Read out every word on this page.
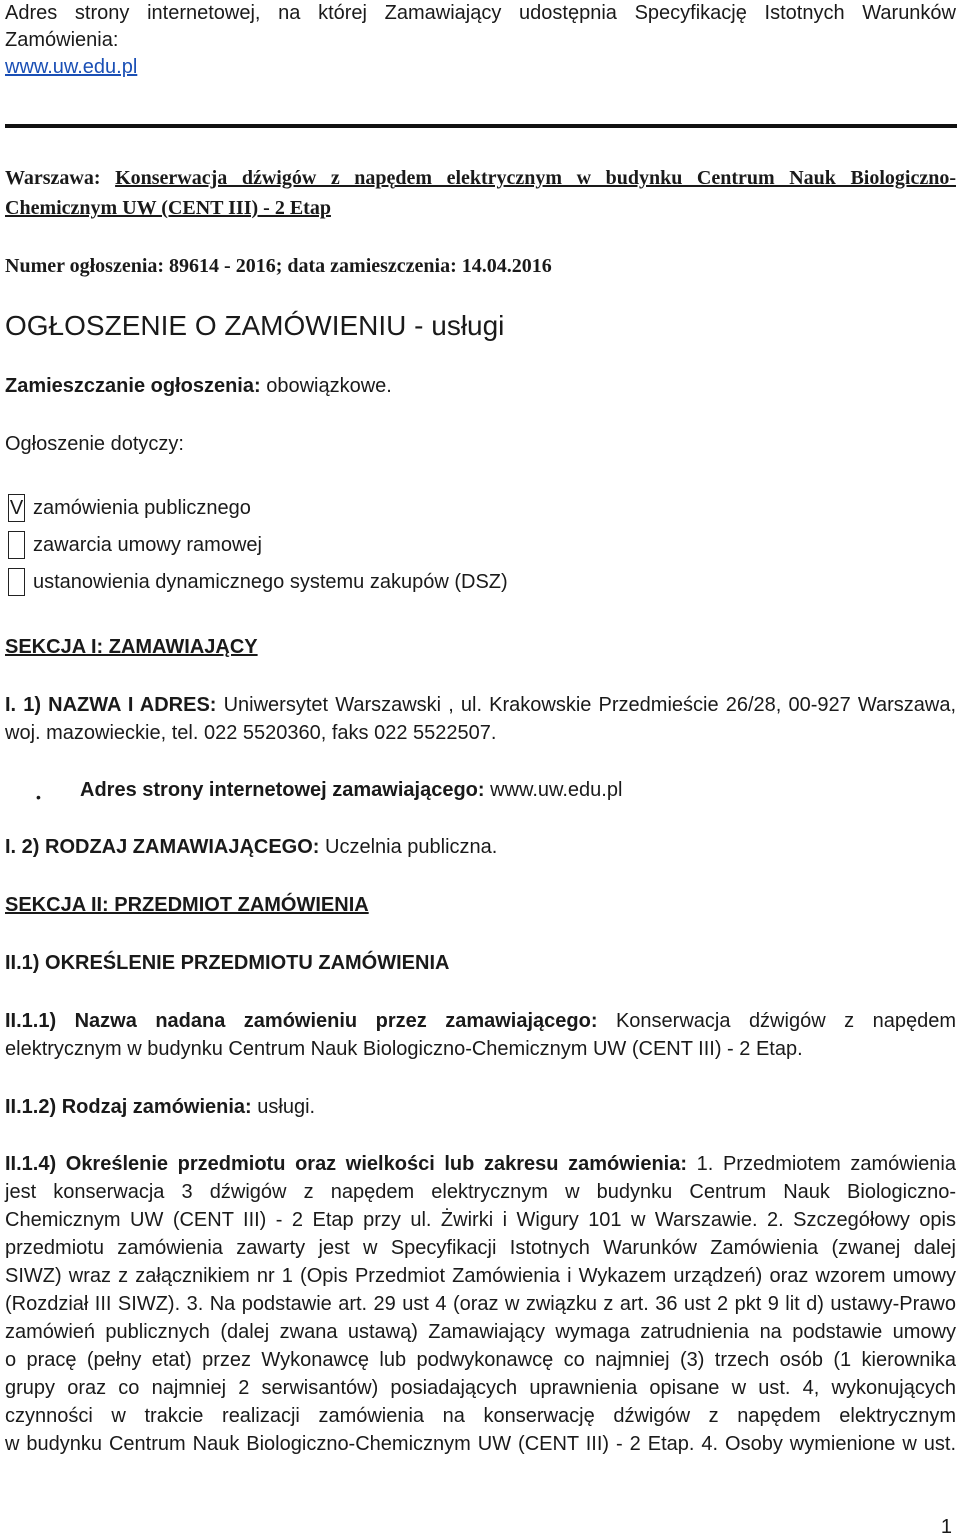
Adres strony internetowej, na której Zamawiający udostępnia Specyfikację Istotnych Warunków

Zamówienia:

www.uw.edu.pl

Warszawa: Konserwacja dźwigów z napędem elektrycznym w budynku Centrum Nauk Biologiczno-

Chemicznym UW (CENT III) - 2 Etap

Numer ogłoszenia: 89614 - 2016; data zamieszczenia: 14.04.2016

OGŁOSZENIE O ZAMÓWIENIU - usługi

Zamieszczanie ogłoszenia: obowiązkowe.

Ogłoszenie dotyczy:

V zamówienia publicznego
zawarcia umowy ramowej
ustanowienia dynamicznego systemu zakupów (DSZ)

SEKCJA I: ZAMAWIAJĄCY

I. 1) NAZWA I ADRES: Uniwersytet Warszawski , ul. Krakowskie Przedmieście 26/28, 00-927 Warszawa,

woj. mazowieckie, tel. 022 5520360, faks 022 5522507.

• Adres strony internetowej zamawiającego: www.uw.edu.pl

I. 2) RODZAJ ZAMAWIAJĄCEGO: Uczelnia publiczna.

SEKCJA II: PRZEDMIOT ZAMÓWIENIA

II.1) OKREŚLENIE PRZEDMIOTU ZAMÓWIENIA

II.1.1) Nazwa nadana zamówieniu przez zamawiającego: Konserwacja dźwigów z napędem

elektrycznym w budynku Centrum Nauk Biologiczno-Chemicznym UW (CENT III) - 2 Etap.

II.1.2) Rodzaj zamówienia: usługi.

II.1.4) Określenie przedmiotu oraz wielkości lub zakresu zamówienia: 1. Przedmiotem zamówienia

jest konserwacja 3 dźwigów z napędem elektrycznym w budynku Centrum Nauk Biologiczno-

Chemicznym UW (CENT III) - 2 Etap przy ul. Żwirki i Wigury 101 w Warszawie. 2. Szczegółowy opis

przedmiotu zamówienia zawarty jest w Specyfikacji Istotnych Warunków Zamówienia (zwanej dalej

SIWZ) wraz z załącznikiem nr 1 (Opis Przedmiot Zamówienia i Wykazem urządzeń) oraz wzorem umowy

(Rozdział III SIWZ). 3. Na podstawie art. 29 ust 4 (oraz w związku z art. 36 ust 2 pkt 9 lit d) ustawy-Prawo

zamówień publicznych (dalej zwana ustawą) Zamawiający wymaga zatrudnienia na podstawie umowy

o pracę (pełny etat) przez Wykonawcę lub podwykonawcę co najmniej (3) trzech osób (1 kierownika

grupy oraz co najmniej 2 serwisantów) posiadających uprawnienia opisane w ust. 4, wykonujących

czynności w trakcie realizacji zamówienia na konserwację dźwigów z napędem elektrycznym

w budynku Centrum Nauk Biologiczno-Chemicznym UW (CENT III) - 2 Etap. 4. Osoby wymienione w ust.

1
